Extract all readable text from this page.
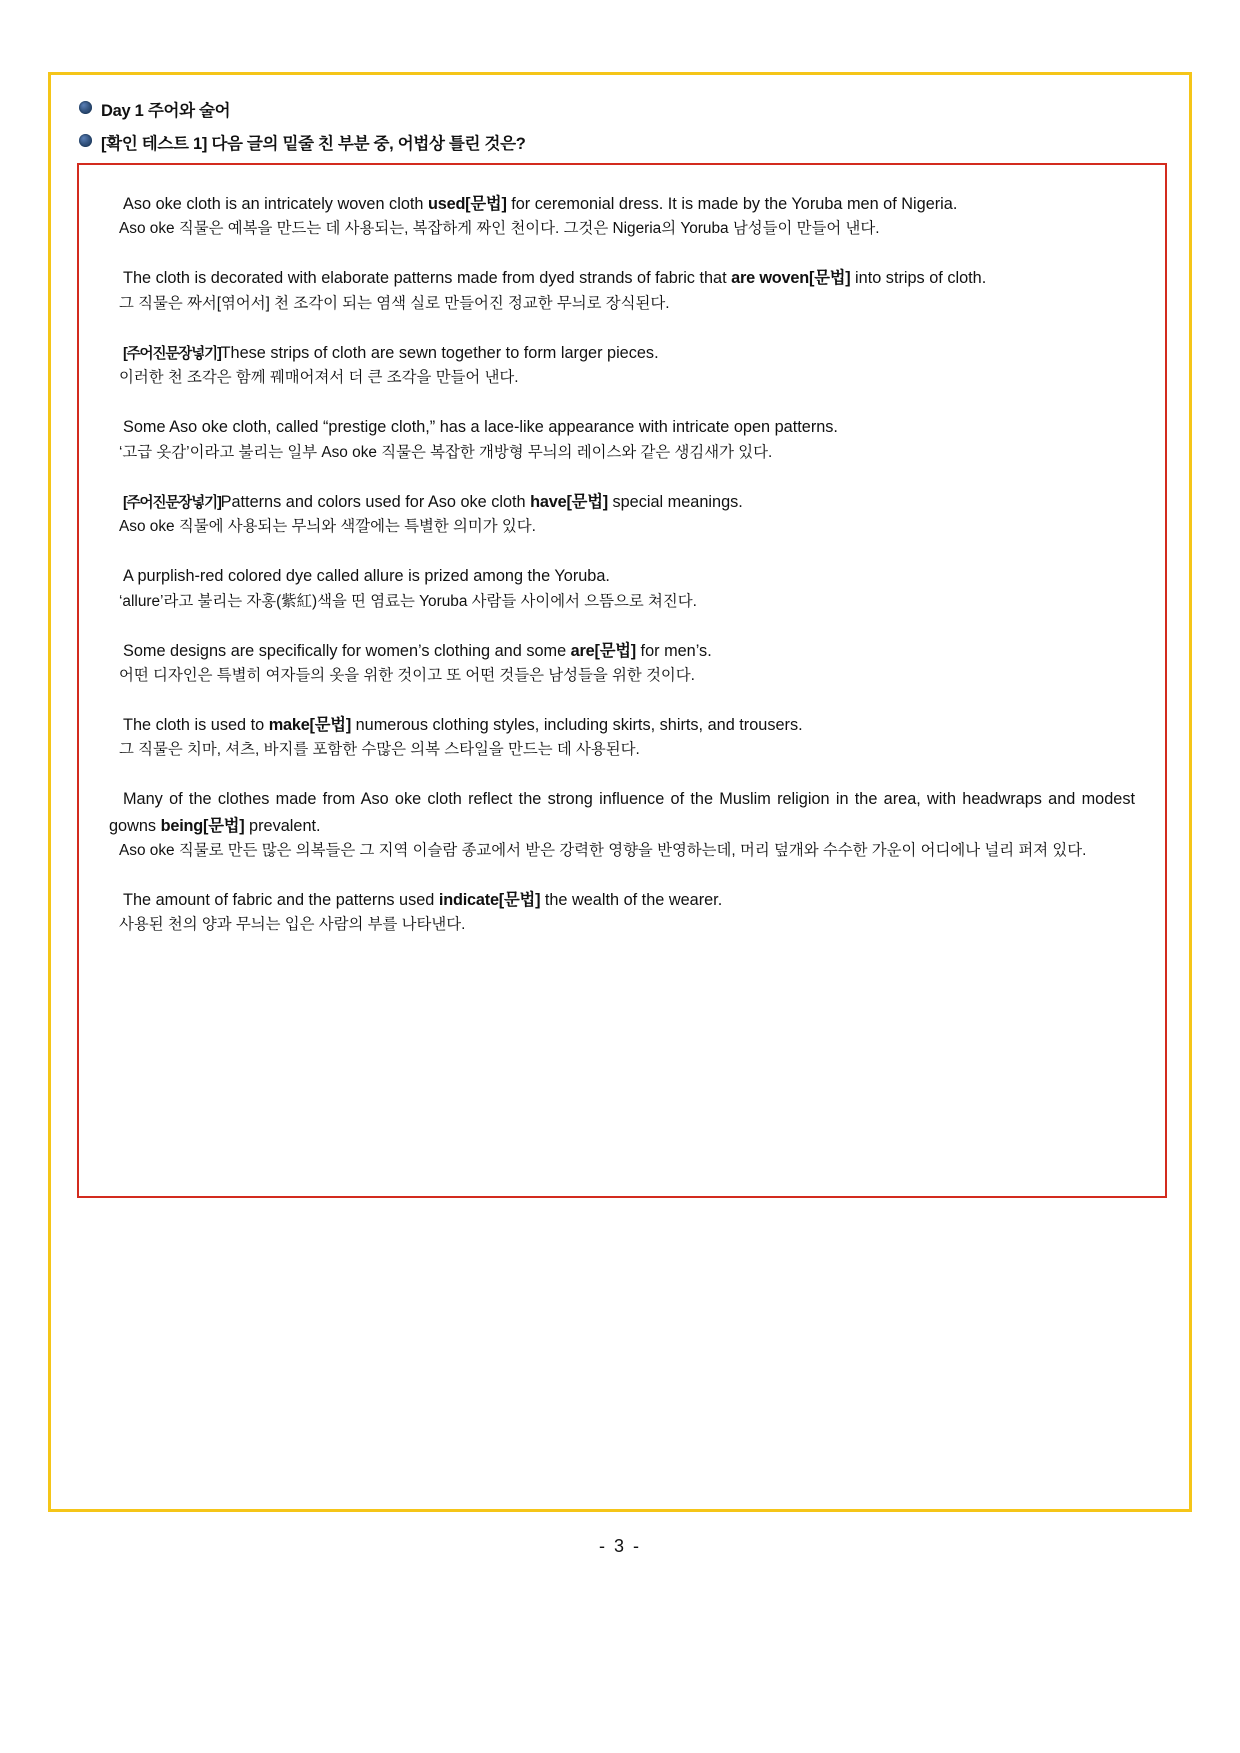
Day 1 주어와 술어
[확인 테스트 1] 다음 글의 밑줄 친 부분 중, 어법상 틀린 것은?

Aso oke cloth is an intricately woven cloth used[문법] for ceremonial dress. It is made by the Yoruba men of Nigeria.

Aso oke 직물은 예복을 만드는 데 사용되는, 복잡하게 짜인 천이다. 그것은 Nigeria의 Yoruba 남성들이 만들어 낸다.

The cloth is decorated with elaborate patterns made from dyed strands of fabric that are woven[문법] into strips of cloth.

그 직물은 짜서[엮어서] 천 조각이 되는 염색 실로 만들어진 정교한 무늬로 장식된다.

[주어진문장넣기]These strips of cloth are sewn together to form larger pieces.

이러한 천 조각은 함께 꿰매어져서 더 큰 조각을 만들어 낸다.

Some Aso oke cloth, called “prestige cloth,” has a lace-like appearance with intricate open patterns.

‘고급 옷감’이라고 불리는 일부 Aso oke 직물은 복잡한 개방형 무늬의 레이스와 같은 생김새가 있다.

[주어진문장넣기]Patterns and colors used for Aso oke cloth have[문법] special meanings.

Aso oke 직물에 사용되는 무늬와 색깔에는 특별한 의미가 있다.

A purplish-red colored dye called allure is prized among the Yoruba.

‘allure’라고 불리는 자홍(紫紅)색을 띤 염료는 Yoruba 사람들 사이에서 으뜸으로 쳐진다.

Some designs are specifically for women’s clothing and some are[문법] for men’s.

어떤 디자인은 특별히 여자들의 옷을 위한 것이고 또 어떤 것들은 남성들을 위한 것이다.

The cloth is used to make[문법] numerous clothing styles, including skirts, shirts, and trousers.

그 직물은 치마, 셔츠, 바지를 포함한 수많은 의복 스타일을 만드는 데 사용된다.

Many of the clothes made from Aso oke cloth reflect the strong influence of the Muslim religion in the area, with headwraps and modest gowns being[문법] prevalent.

Aso oke 직물로 만든 많은 의복들은 그 지역 이슬람 종교에서 받은 강력한 영향을 반영하는데, 머리 덮개와 수수한 가운이 어디에나 널리 퍼져 있다.

The amount of fabric and the patterns used indicate[문법] the wealth of the wearer.

사용된 천의 양과 무늬는 입은 사람의 부를 나타낸다.

- 3 -
